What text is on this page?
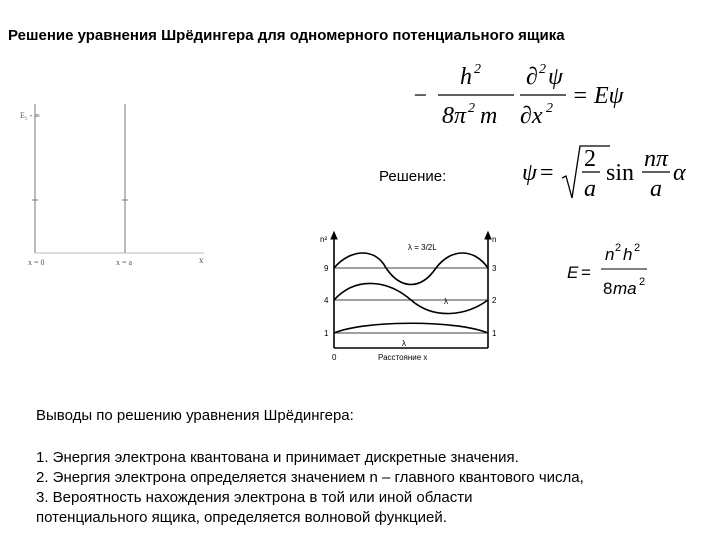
Решение уравнения Шрёдингера для одномерного потенциального ящика
−
h 2
8π 2 m
∂ 2 ψ
∂x 2 = Eψ
Решение:	ψ =
2
a
sin
nπ
a
α
E =
n 2 h 2
8 ma 2
E₂ - ∞
x = 0	x = a	x
n²	n
9
4
1
3
2
1
0
λ = 3/2L
λ
λ
Расстояние x
Выводы по решению уравнения Шрёдингера:
1. Энергия электрона квантована и принимает дискретные значения.
2. Энергия электрона определяется значением n – главного квантового числа,
3. Вероятность нахождения электрона в той или иной области
потенциального ящика, определяется волновой функцией.
